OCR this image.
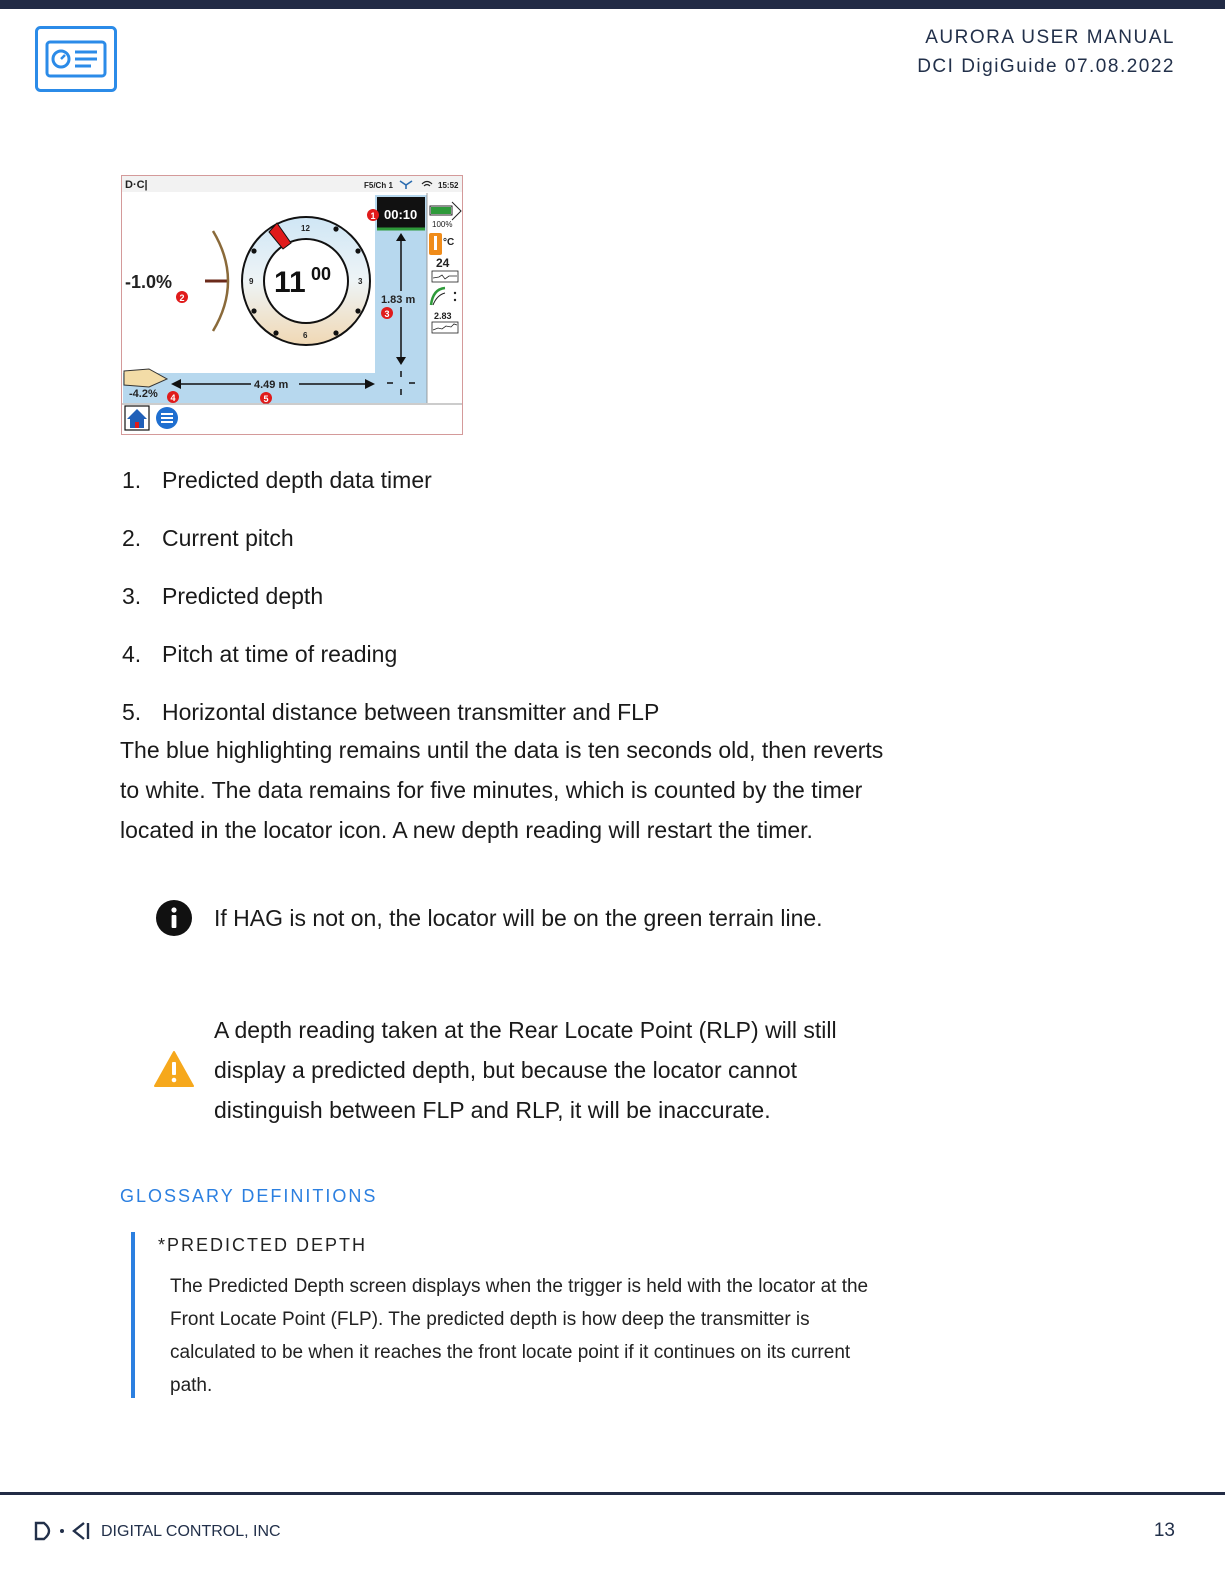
AURORA USER MANUAL
DCI DigiGuide 07.08.2022
D·C|	F5/Ch 1	15:52
00:10
1
100%
°C
24
2.83
1.83 m
3
4.49 m
5
-4.2% 4
-1.0%
2
12
3
6
9 11 00
1. Predicted depth data timer
2. Current pitch
3. Predicted depth
4. Pitch at time of reading
5. Horizontal distance between transmitter and FLP
The blue highlighting remains until the data is ten seconds old, then reverts
to white. The data remains for five minutes, which is counted by the timer
located in the locator icon. A new depth reading will restart the timer.
If HAG is not on, the locator will be on the green terrain line.
A depth reading taken at the Rear Locate Point (RLP) will still
display a predicted depth, but because the locator cannot
distinguish between FLP and RLP, it will be inaccurate.
GLOSSARY DEFINITIONS
*PREDICTED DEPTH
The Predicted Depth screen displays when the trigger is held with the locator at the
Front Locate Point (FLP). The predicted depth is how deep the transmitter is
calculated to be when it reaches the front locate point if it continues on its current
path.
DIGITAL CONTROL, INC	13
